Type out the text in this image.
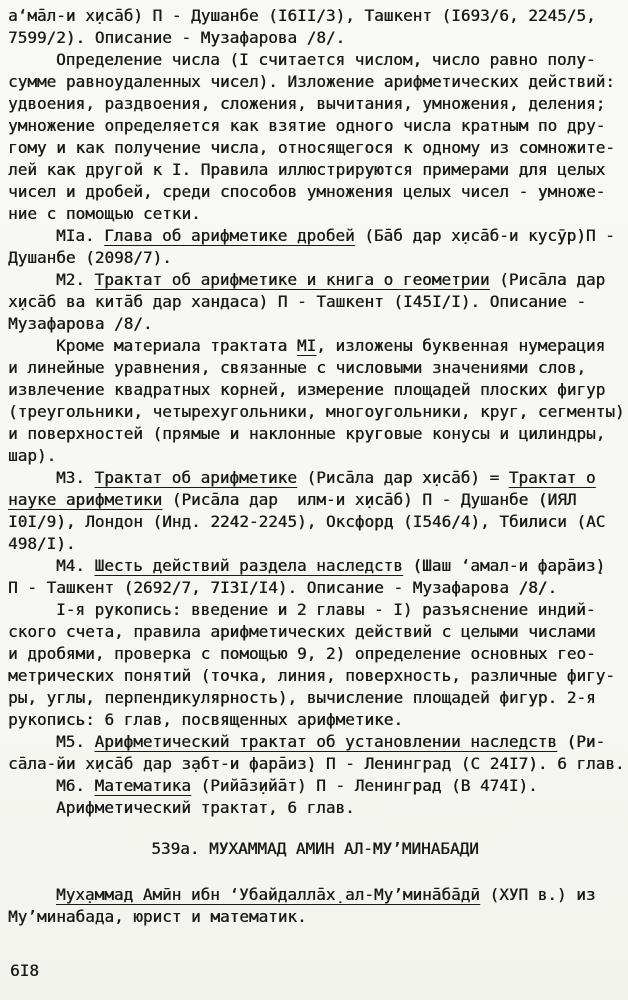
а‘ма̄л-и х̣иса̄б) П - Душанбе (I6II/3), Ташкент (I693/6, 2245/5,
7599/2). Описание - Музафарова /8/.
Определение числа (I считается числом, число равно полу-
сумме равноудаленных чисел). Изложение арифметических действий:
удвоения, раздвоения, сложения, вычитания, умножения, деления;
умножение определяется как взятие одного числа кратным по дру-
гому и как получение числа, относящегося к одному из сомножите-
лей как другой к I. Правила иллюстрируются примерами для целых
чисел и дробей, среди способов умножения целых чисел - умноже-
ние с помощью сетки.
МIа. Глава об арифметике дробей (Ба̄б дар х̣иса̄б-и кусӯр)П -
Душанбе (2098/7).
М2. Трактат об арифметике и книга о геометрии (Риса̄ла дар
х̣иса̄б ва кита̄б дар хандаса) П - Ташкент (I45I/I). Описание -
Музафарова /8/.
Кроме материала трактата МI, изложены буквенная нумерация
и линейные уравнения, связанные с числовыми значениями слов,
извлечение квадратных корней, измерение площадей плоских фигур
(треугольники, четырехугольники, многоугольники, круг, сегменты)
и поверхностей (прямые и наклонные круговые конусы и цилиндры,
шар).
М3. Трактат об арифметике (Риса̄ла дар х̣иса̄б) = Трактат о
науке арифметики (Риса̄ла дар  илм-и х̣иса̄б) П - Душанбе (ИЯЛ
I0I/9), Лондон (Инд. 2242-2245), Оксфорд (I546/4), Тбилиси (АС
498/I).
М4. Шесть действий раздела наследств (Шаш ‘амал-и фара̄из̣)
П - Ташкент (2692/7, 7I3I/I4). Описание - Музафарова /8/.
I-я рукопись: введение и 2 главы - I) разъяснение индий-
ского счета, правила арифметических действий с целыми числами
и дробями, проверка с помощью 9, 2) определение основных гео-
метрических понятий (точка, линия, поверхность, различные фигу-
ры, углы, перпендикулярность), вычисление площадей фигур. 2-я
рукопись: 6 глав, посвященных арифметике.
М5. Арифметический трактат об установлении наследств (Ри-
са̄ла-йи х̣иса̄б дар з̣абт-и фара̄из̣) П - Ленинград (С 24I7). 6 глав.
М6. Математика (Рийа̄з̣ийа̄т) П - Ленинград (В 474I).
Арифметический трактат, 6 глав.
539а. МУХАММАД АМИН АЛ-МУ’МИНАБАДИ
Мух̣аммад Амӣн ибн ‘Убайдалла̄х̣ ал-Му’мина̄ба̄дӣ (ХУП в.) из
Му’минабада, юрист и математик.
6I8
